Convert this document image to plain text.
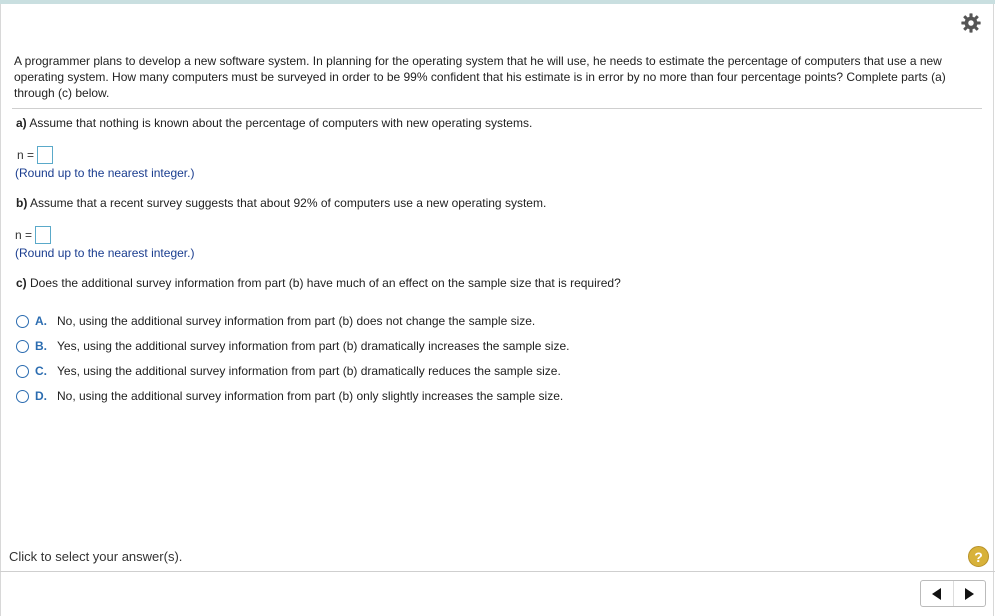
A programmer plans to develop a new software system. In planning for the operating system that he will use, he needs to estimate the percentage of computers that use a new operating system. How many computers must be surveyed in order to be 99% confident that his estimate is in error by no more than four percentage points? Complete parts (a) through (c) below.
a) Assume that nothing is known about the percentage of computers with new operating systems.
n =
(Round up to the nearest integer.)
b) Assume that a recent survey suggests that about 92% of computers use a new operating system.
n =
(Round up to the nearest integer.)
c) Does the additional survey information from part (b) have much of an effect on the sample size that is required?
A. No, using the additional survey information from part (b) does not change the sample size.
B. Yes, using the additional survey information from part (b) dramatically increases the sample size.
C. Yes, using the additional survey information from part (b) dramatically reduces the sample size.
D. No, using the additional survey information from part (b) only slightly increases the sample size.
Click to select your answer(s).	?
